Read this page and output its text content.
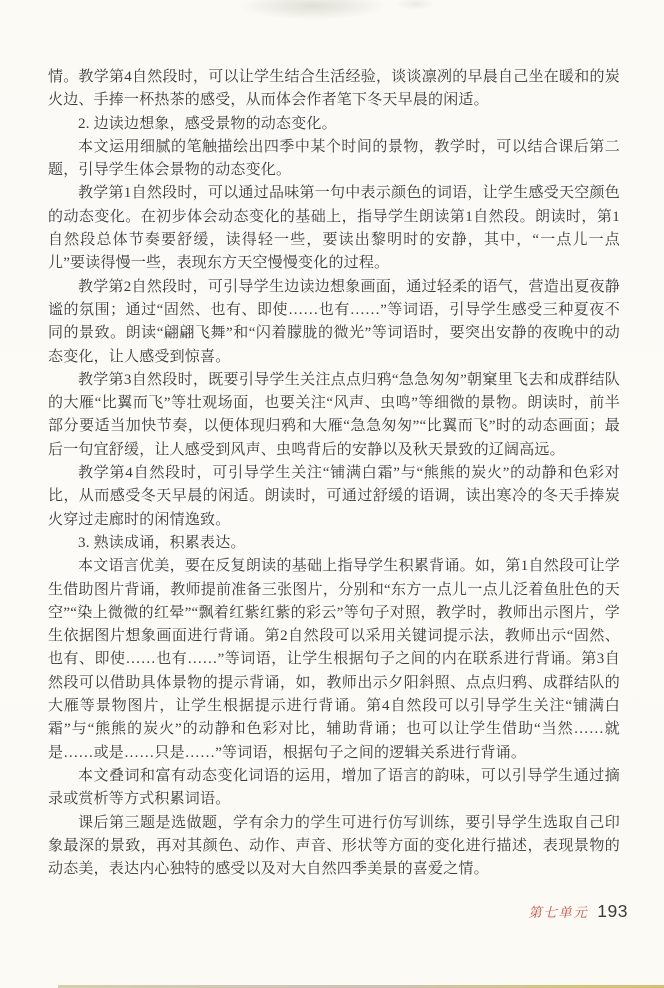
情。教学第4自然段时，可以让学生结合生活经验，谈谈凛冽的早晨自己坐在暖和的炭火边、手捧一杯热茶的感受，从而体会作者笔下冬天早晨的闲适。

2. 边读边想象，感受景物的动态变化。

本文运用细腻的笔触描绘出四季中某个时间的景物，教学时，可以结合课后第二题，引导学生体会景物的动态变化。

教学第1自然段时，可以通过品味第一句中表示颜色的词语，让学生感受天空颜色的动态变化。在初步体会动态变化的基础上，指导学生朗读第1自然段。朗读时，第1自然段总体节奏要舒缓，读得轻一些，要读出黎明时的安静，其中，“一点儿一点儿”要读得慢一些，表现东方天空慢慢变化的过程。

教学第2自然段时，可引导学生边读边想象画面，通过轻柔的语气，营造出夏夜静谧的氛围；通过“固然、也有、即使……也有……”等词语，引导学生感受三种夏夜不同的景致。朗读“翩翩飞舞”和“闪着朦胧的微光”等词语时，要突出安静的夜晚中的动态变化，让人感受到惊喜。

教学第3自然段时，既要引导学生关注点点归鸦“急急匆匆”朝窠里飞去和成群结队的大雁“比翼而飞”等壮观场面，也要关注“风声、虫鸣”等细微的景物。朗读时，前半部分要适当加快节奏，以便体现归鸦和大雁“急急匆匆”“比翼而飞”时的动态画面；最后一句宜舒缓，让人感受到风声、虫鸣背后的安静以及秋天景致的辽阔高远。

教学第4自然段时，可引导学生关注“铺满白霜”与“熊熊的炭火”的动静和色彩对比，从而感受冬天早晨的闲适。朗读时，可通过舒缓的语调，读出寒冷的冬天手捧炭火穿过走廊时的闲情逸致。

3. 熟读成诵，积累表达。

本文语言优美，要在反复朗读的基础上指导学生积累背诵。如，第1自然段可让学生借助图片背诵，教师提前准备三张图片，分别和“东方一点儿一点儿泛着鱼肚色的天空”“染上微微的红晕”“飘着红紫红紫的彩云”等句子对照，教学时，教师出示图片，学生依据图片想象画面进行背诵。第2自然段可以采用关键词提示法，教师出示“固然、也有、即使……也有……”等词语，让学生根据句子之间的内在联系进行背诵。第3自然段可以借助具体景物的提示背诵，如，教师出示夕阳斜照、点点归鸦、成群结队的大雁等景物图片，让学生根据提示进行背诵。第4自然段可以引导学生关注“铺满白霜”与“熊熊的炭火”的动静和色彩对比，辅助背诵；也可以让学生借助“当然……就是……或是……只是……”等词语，根据句子之间的逻辑关系进行背诵。

本文叠词和富有动态变化词语的运用，增加了语言的韵味，可以引导学生通过摘录或赏析等方式积累词语。

课后第三题是选做题，学有余力的学生可进行仿写训练，要引导学生选取自己印象最深的景致，再对其颜色、动作、声音、形状等方面的变化进行描述，表现景物的动态美，表达内心独特的感受以及对大自然四季美景的喜爱之情。

第七单元 193
